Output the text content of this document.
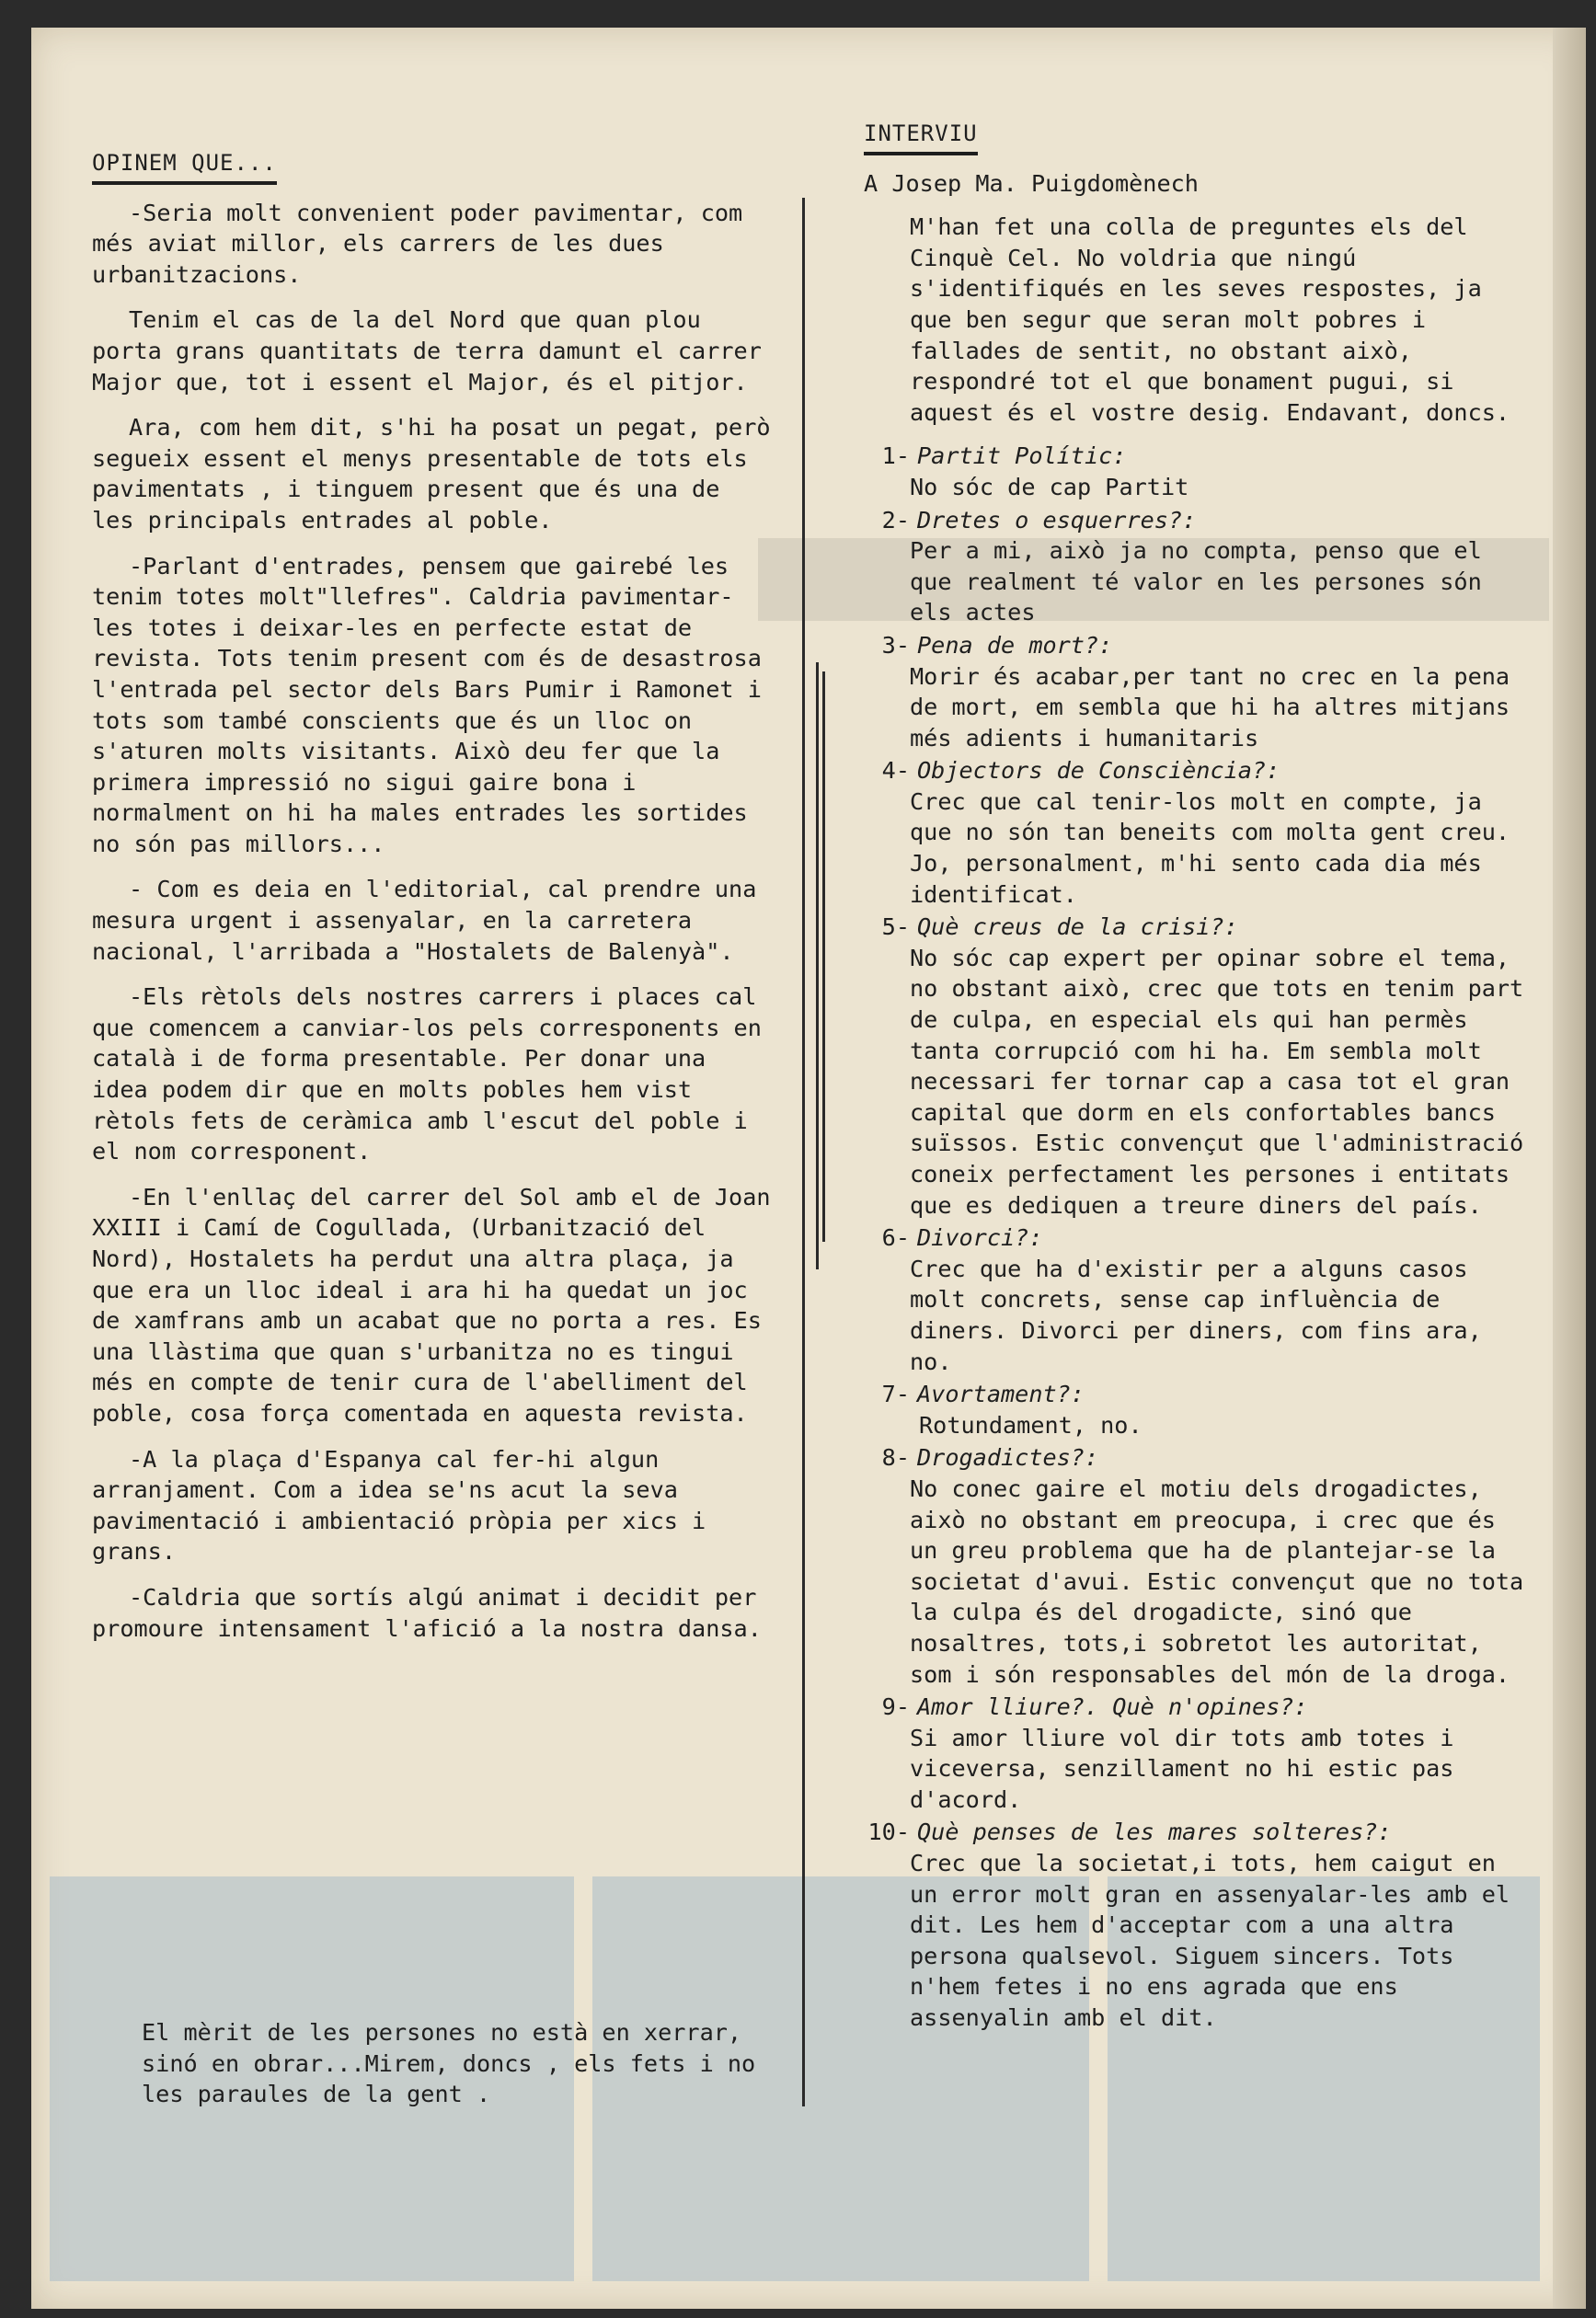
OPINEM QUE...

-Seria molt convenient poder pavimentar, com més aviat millor, els carrers de les dues urbanitzacions.

Tenim el cas de la del Nord que quan plou porta grans quantitats de terra damunt el carrer Major que, tot i essent el Major, és el pitjor.

Ara, com hem dit, s'hi ha posat un pegat, però segueix essent el menys presentable de tots els pavimentats , i tinguem present que és una de les principals entrades al poble.

-Parlant d'entrades, pensem que gairebé les tenim totes molt"llefres". Caldria pavimentar-les totes i deixar-les en perfecte estat de revista. Tots tenim present com és de desastrosa l'entrada pel sector dels Bars Pumir i Ramonet i tots som també conscients que és un lloc on s'aturen molts visitants. Això deu fer que la primera impressió no sigui gaire bona i normalment on hi ha males entrades les sortides no són pas millors...

- Com es deia en l'editorial, cal prendre una mesura urgent i assenyalar, en la carretera nacional, l'arribada a "Hostalets de Balenyà".

-Els rètols dels nostres carrers i places cal que comencem a canviar-los pels corresponents en català i de forma presentable. Per donar una idea podem dir que en molts pobles hem vist rètols fets de ceràmica amb l'escut del poble i el nom corresponent.

-En l'enllaç del carrer del Sol amb el de Joan XXIII i Camí de Cogullada, (Urbanització del Nord), Hostalets ha perdut una altra plaça, ja que era un lloc ideal i ara hi ha quedat un joc de xamfrans amb un acabat que no porta a res. Es una llàstima que quan s'urbanitza no es tingui més en compte de tenir cura de l'abelliment del poble, cosa força comentada en aquesta revista.

-A la plaça d'Espanya cal fer-hi algun arranjament. Com a idea se'ns acut la seva pavimentació i ambientació pròpia per xics i grans.

-Caldria que sortís algú animat i decidit per promoure intensament l'afició a la nostra dansa.

El mèrit de les persones no està en xerrar, sinó en obrar...Mirem, doncs , els fets i no les paraules de la gent .
INTERVIU

A Josep Ma. Puigdomènech

M'han fet una colla de preguntes els del Cinquè Cel. No voldria que ningú s'identifiqués en les seves respostes, ja que ben segur que seran molt pobres i fallades de sentit, no obstant això, respondré tot el que bonament pugui, si aquest és el vostre desig. Endavant, doncs.

1- Partit Polític:

No sóc de cap Partit

2- Dretes o esquerres?:

Per a mi, això ja no compta, penso que el que realment té valor en les persones són els actes

3- Pena de mort?:

Morir és acabar,per tant no crec en la pena de mort, em sembla que hi ha altres mitjans més adients i humanitaris

4- Objectors de Consciència?:

Crec que cal tenir-los molt en compte, ja que no són tan beneits com molta gent creu. Jo, personalment, m'hi sento cada dia més identificat.

5- Què creus de la crisi?:

No sóc cap expert per opinar sobre el tema, no obstant això, crec que tots en tenim part de culpa, en especial els qui han permès tanta corrupció com hi ha. Em sembla molt necessari fer tornar cap a casa tot el gran capital que dorm en els confortables bancs suïssos. Estic convençut que l'administració coneix perfectament les persones i entitats que es dediquen a treure diners del país.

6- Divorci?:

Crec que ha d'existir per a alguns casos molt concrets, sense cap influència de diners. Divorci per diners, com fins ara, no.

7- Avortament?:

Rotundament, no.

8- Drogadictes?:

No conec gaire el motiu dels drogadictes, això no obstant em preocupa, i crec que és un greu problema que ha de plantejar-se la societat d'avui. Estic convençut que no tota la culpa és del drogadicte, sinó que nosaltres, tots,i sobretot les autoritat, som i són responsables del món de la droga.

9- Amor lliure?. Què n'opines?:

Si amor lliure vol dir tots amb totes i viceversa, senzillament no hi estic pas d'acord.

10- Què penses de les mares solteres?:

Crec que la societat,i tots, hem caigut en un error molt gran en assenyalar-les amb el dit. Les hem d'acceptar com a una altra persona qualsevol. Siguem sincers. Tots n'hem fetes i no ens agrada que ens assenyalin amb el dit.
